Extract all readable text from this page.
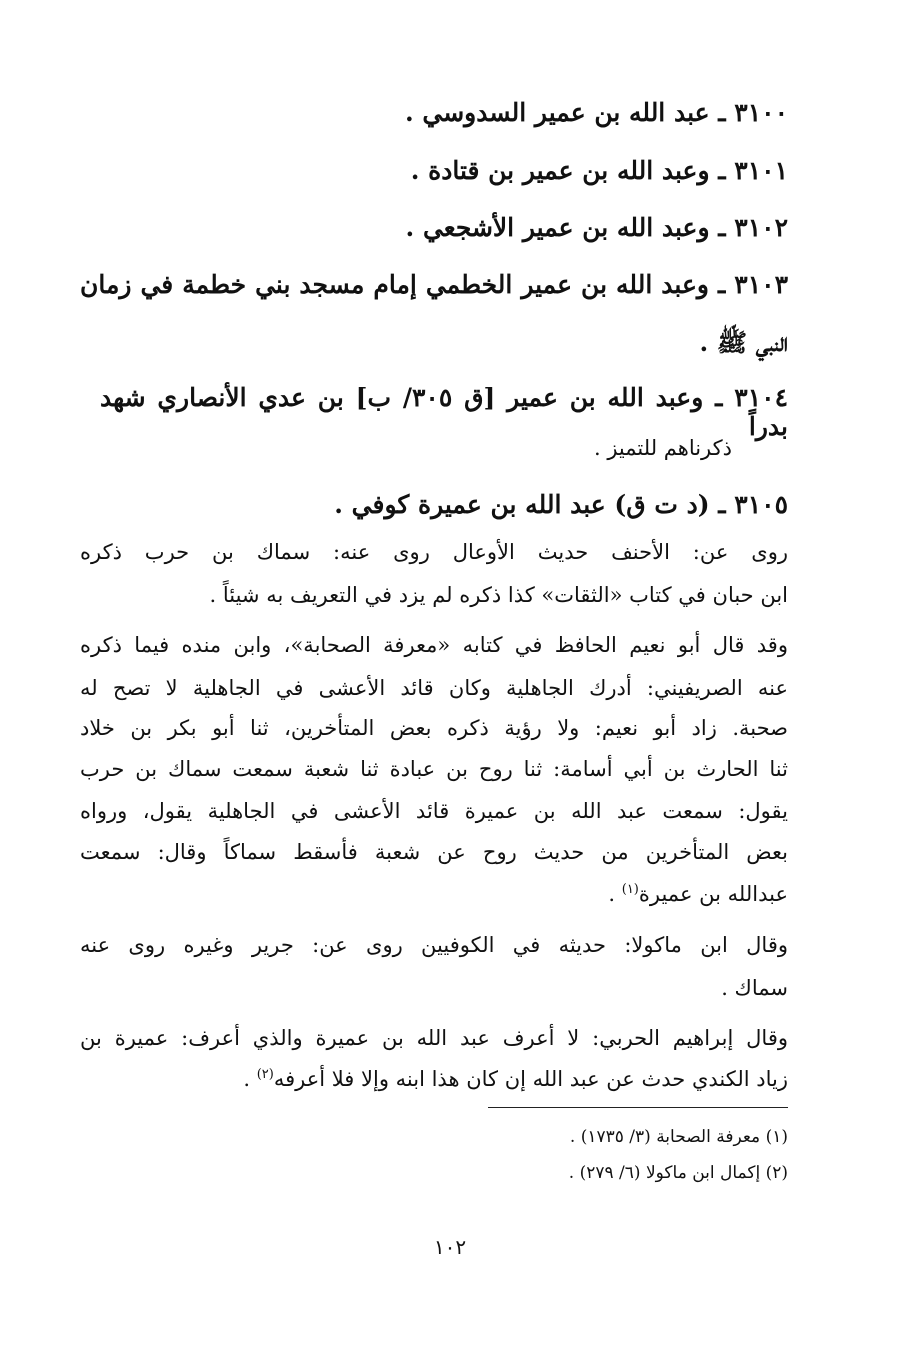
٣١٠٠ ـ عبد الله بن عمير السدوسي .
٣١٠١ ـ وعبد الله بن عمير بن قتادة .
٣١٠٢ ـ وعبد الله بن عمير الأشجعي .
٣١٠٣ ـ وعبد الله بن عمير الخطمي إمام مسجد بني خطمة في زمان
النبي ﷺ .
٣١٠٤ ـ وعبد الله بن عمير [ق ٣٠٥/ ب] بن عدي الأنصاري شهد بدراً
ذكرناهم للتميز .
٣١٠٥ ـ (د ت ق) عبد الله بن عميرة كوفي .
روى عن: الأحنف حديث الأوعال روى عنه: سماك بن حرب ذكره
ابن حبان في كتاب «الثقات» كذا ذكره لم يزد في التعريف به شيئاً .
وقد قال أبو نعيم الحافظ في كتابه «معرفة الصحابة»، وابن منده فيما ذكره
عنه الصريفيني: أدرك الجاهلية وكان قائد الأعشى في الجاهلية لا تصح له
صحبة. زاد أبو نعيم: ولا رؤية ذكره بعض المتأخرين، ثنا أبو بكر بن خلاد
ثنا الحارث بن أبي أسامة: ثنا روح بن عبادة ثنا شعبة سمعت سماك بن حرب
يقول: سمعت عبد الله بن عميرة قائد الأعشى في الجاهلية يقول، ورواه
بعض المتأخرين من حديث روح عن شعبة فأسقط سماكاً وقال: سمعت
عبدالله بن عميرة$^{(١)}$ .
وقال ابن ماكولا: حديثه في الكوفيين روى عن: جرير وغيره روى عنه
سماك .
وقال إبراهيم الحربي: لا أعرف عبد الله بن عميرة والذي أعرف: عميرة بن
زياد الكندي حدث عن عبد الله إن كان هذا ابنه وإلا فلا أعرفه$^{(٢)}$ .
(١) معرفة الصحابة (٣/ ١٧٣٥) .
(٢) إكمال ابن ماكولا (٦/ ٢٧٩) .
١٠٢
